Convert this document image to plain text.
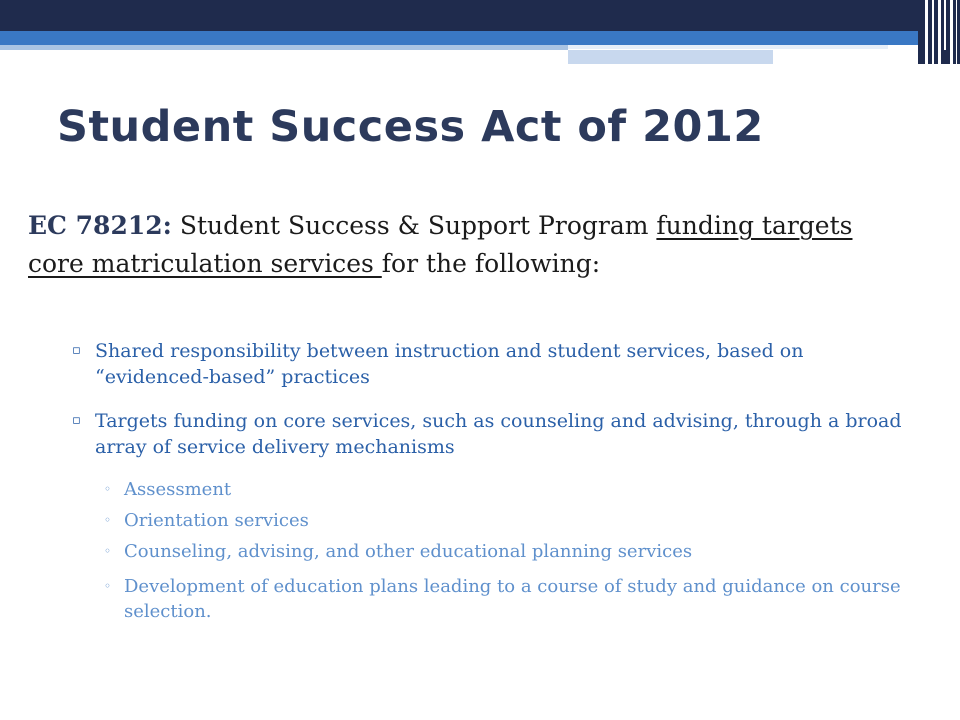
Student Success Act of 2012

EC 78212: Student Success & Support Program funding targets core matriculation services for the following:

▫ Shared responsibility between instruction and student services, based on “evidenced-based” practices
▫ Targets funding on core services, such as counseling and advising, through a broad array of service delivery mechanisms
◦ Assessment
◦ Orientation services
◦ Counseling, advising, and other educational planning services
◦ Development of education plans leading to a course of study and guidance on course selection.
